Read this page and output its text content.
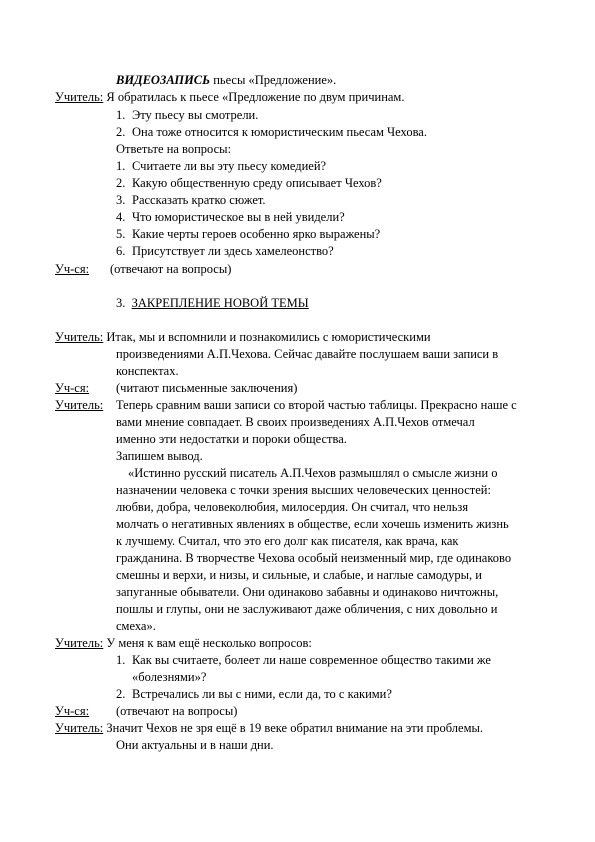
ВИДЕОЗАПИСЬ пьесы «Предложение».
Учитель: Я обратилась к пьесе «Предложение по двум причинам.
1. Эту пьесу вы смотрели.
2. Она тоже относится к юмористическим пьесам Чехова.
Ответьте на вопросы:
1. Считаете ли вы эту пьесу комедией?
2. Какую общественную среду описывает Чехов?
3. Рассказать кратко сюжет.
4. Что юмористическое вы в ней увидели?
5. Какие черты героев особенно ярко выражены?
6. Присутствует ли здесь хамелеонство?
Уч-ся: (отвечают на вопросы)
3. ЗАКРЕПЛЕНИЕ НОВОЙ ТЕМЫ
Учитель: Итак, мы и вспомнили и познакомились с юмористическими
произведениями А.П.Чехова. Сейчас давайте послушаем ваши записи в
конспектах.
Уч-ся: (читают письменные заключения)
Учитель: Теперь сравним ваши записи со второй частью таблицы. Прекрасно наше с
вами мнение совпадает. В своих произведениях А.П.Чехов отмечал
именно эти недостатки и пороки общества.
Запишем вывод.
«Истинно русский писатель А.П.Чехов размышлял о смысле жизни о
назначении человека с точки зрения высших человеческих ценностей:
любви, добра, человеколюбия, милосердия. Он считал, что нельзя
молчать о негативных явлениях в обществе, если хочешь изменить жизнь
к лучшему. Считал, что это его долг как писателя, как врача, как
гражданина. В творчестве Чехова особый неизменный мир, где одинаково
смешны и верхи, и низы, и сильные, и слабые, и наглые самодуры, и
запуганные обыватели. Они одинаково забавны и одинаково ничтожны,
пошлы и глупы, они не заслуживают даже обличения, с них довольно и
смеха».
Учитель: У меня к вам ещё несколько вопросов:
1. Как вы считаете, болеет ли наше современное общество такими же
«болезнями»?
2. Встречались ли вы с ними, если да, то с какими?
Уч-ся: (отвечают на вопросы)
Учитель: Значит Чехов не зря ещё в 19 веке обратил внимание на эти проблемы.
Они актуальны и в наши дни.
